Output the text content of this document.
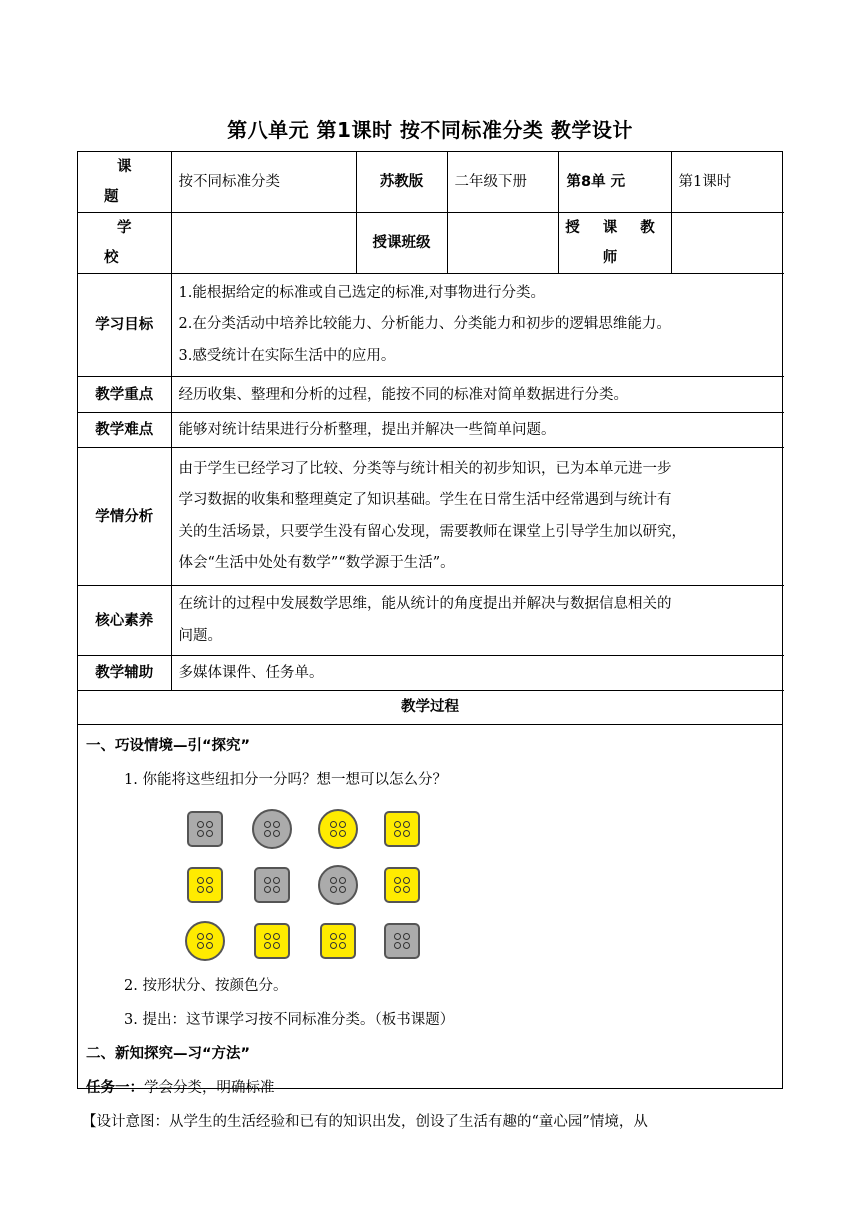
第八单元 第1课时 按不同标准分类 教学设计
课 题	按不同标准分类	苏教版	二年级下册	第8单 元	第1课时
学 校		授课班级		授 课 教 师	
学习目标	1.能根据给定的标准或自己选定的标准,对事物进行分类。
2.在分类活动中培养比较能力、分析能力、分类能力和初步的逻辑思维能力。
3.感受统计在实际生活中的应用。				

教学重点	经历收集、整理和分析的过程，能按不同的标准对简单数据进行分类。				
教学难点	能够对统计结果进行分析整理，提出并解决一些简单问题。				
学情分析	由于学生已经学习了比较、分类等与统计相关的初步知识，已为本单元进一步
学习数据的收集和整理奠定了知识基础。学生在日常生活中经常遇到与统计有
关的生活场景，只要学生没有留心发现，需要教师在课堂上引导学生加以研究，
体会“生活中处处有数学”“数学源于生活”。				

核心素养	在统计的过程中发展数学思维，能从统计的角度提出并解决与数据信息相关的
问题。				

教学辅助	多媒体课件、任务单。				
教学过程
一、巧设情境—引“探究”
1. 你能将这些纽扣分一分吗？想一想可以怎么分？
2. 按形状分、按颜色分。
3. 提出：这节课学习按不同标准分类。（板书课题）
二、新知探究—习“方法”
任务一：学会分类，明确标准
【设计意图：从学生的生活经验和已有的知识出发，创设了生活有趣的“童心园”情境，从
